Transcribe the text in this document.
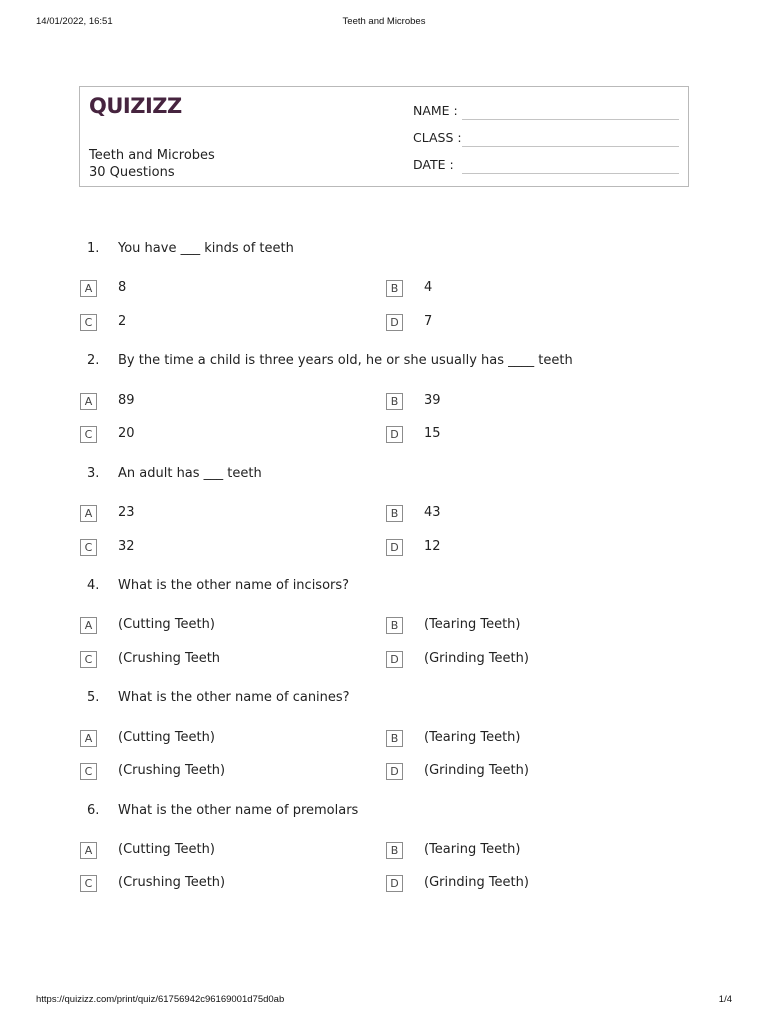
14/01/2022, 16:51	Teeth and Microbes
QUIZIZZ
Teeth and Microbes
30 Questions
NAME :
CLASS :
DATE :
1. You have ___ kinds of teeth
A	8	B	4
C	2	D	7
2. By the time a child is three years old, he or she usually has ____ teeth
A	89	B	39
C	20	D	15
3. An adult has ___ teeth
A	23	B	43
C	32	D	12
4. What is the other name of incisors?
A	(Cutting Teeth)	B	(Tearing Teeth)
C	(Crushing Teeth	D	(Grinding Teeth)
5. What is the other name of canines?
A	(Cutting Teeth)	B	(Tearing Teeth)
C	(Crushing Teeth)	D	(Grinding Teeth)
6. What is the other name of premolars
A	(Cutting Teeth)	B	(Tearing Teeth)
C	(Crushing Teeth)	D	(Grinding Teeth)
https://quizizz.com/print/quiz/61756942c96169001d75d0ab	1/4
